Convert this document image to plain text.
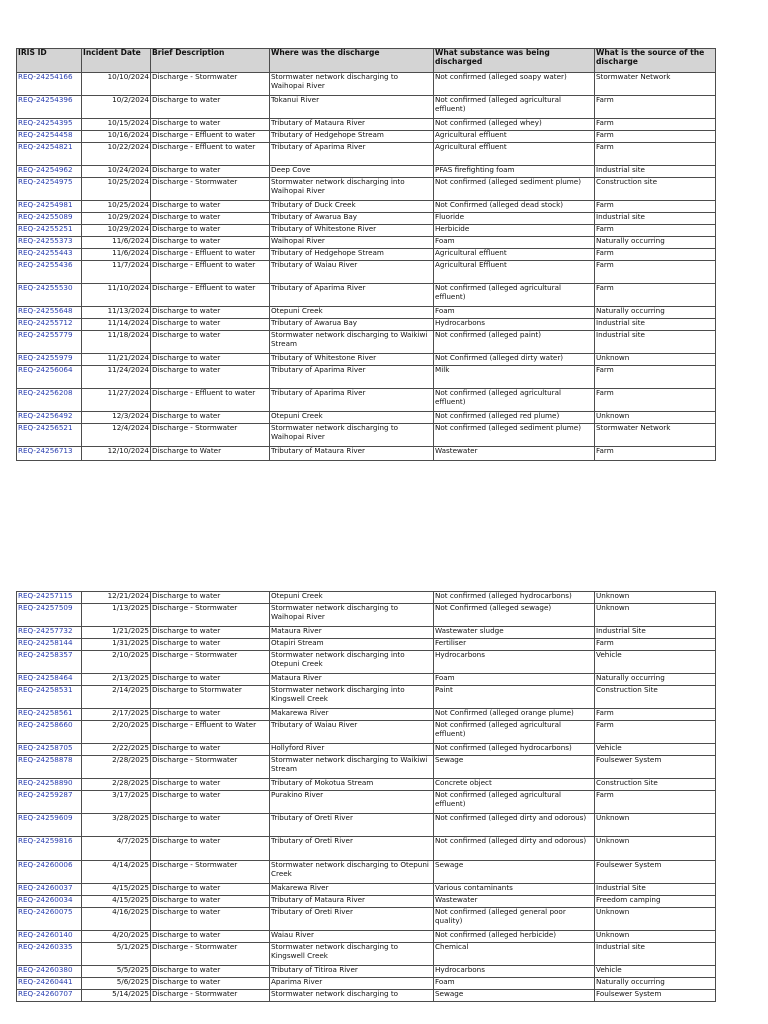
IRIS ID	Incident Date	Brief Description	Where was the discharge	What substance was being discharged	What is the source of the discharge
REQ-24254166	10/10/2024	Discharge - Stormwater	Stormwater network discharging to Waihopai River	Not confirmed (alleged soapy water)	Stormwater Network
REQ-24254396	10/2/2024	Discharge to water	Tokanui River	Not confirmed (alleged agricultural effluent)	Farm
REQ-24254395	10/15/2024	Discharge to water	Tributary of Mataura River	Not confirmed (alleged whey)	Farm
REQ-24254458	10/16/2024	Discharge - Effluent to water	Tributary of Hedgehope Stream	Agricultural effluent	Farm
REQ-24254821	10/22/2024	Discharge - Effluent to water	Tributary of Aparima River	Agricultural effluent	Farm
REQ-24254962	10/24/2024	Discharge to water	Deep Cove	PFAS firefighting foam	Industrial site
REQ-24254975	10/25/2024	Discharge - Stormwater	Stormwater network discharging into Waihopai River	Not confirmed (alleged sediment plume)	Construction site
REQ-24254981	10/25/2024	Discharge to water	Tributary of Duck Creek	Not Confirmed (alleged dead stock)	Farm
REQ-24255089	10/29/2024	Discharge to water	Tributary of Awarua Bay	Fluoride	Industrial site
REQ-24255251	10/29/2024	Discharge to water	Tributary of Whitestone River	Herbicide	Farm
REQ-24255373	11/6/2024	Discharge to water	Waihopai River	Foam	Naturally occurring
REQ-24255443	11/6/2024	Discharge - Effluent to water	Tributary of Hedgehope Stream	Agricultural effluent	Farm
REQ-24255436	11/7/2024	Discharge - Effluent to water	Tributary of Waiau River	Agricultural Effluent	Farm
REQ-24255530	11/10/2024	Discharge - Effluent to water	Tributary of Aparima River	Not confirmed (alleged agricultural effluent)	Farm
REQ-24255648	11/13/2024	Discharge to water	Otepuni Creek	Foam	Naturally occurring
REQ-24255712	11/14/2024	Discharge to water	Tributary of Awarua Bay	Hydrocarbons	Industrial site
REQ-24255779	11/18/2024	Discharge to water	Stormwater network discharging to Waikiwi Stream	Not confirmed (alleged paint)	Industrial site
REQ-24255979	11/21/2024	Discharge to water	Tributary of Whitestone River	Not Confirmed (alleged dirty water)	Unknown
REQ-24256064	11/24/2024	Discharge to water	Tributary of Aparima River	Milk	Farm
REQ-24256208	11/27/2024	Discharge - Effluent to water	Tributary of Aparima River	Not confirmed (alleged agricultural effluent)	Farm
REQ-24256492	12/3/2024	Discharge to water	Otepuni Creek	Not confirmed (alleged red plume)	Unknown
REQ-24256521	12/4/2024	Discharge - Stormwater	Stormwater network discharging to Waihopai River	Not confirmed (alleged sediment plume)	Stormwater Network
REQ-24256713	12/10/2024	Discharge to Water	Tributary of Mataura River	Wastewater	Farm
REQ-24257115	12/21/2024	Discharge to water	Otepuni Creek	Not confirmed (alleged hydrocarbons)	Unknown
REQ-24257509	1/13/2025	Discharge - Stormwater	Stormwater network discharging to Waihopai River	Not Confirmed (alleged sewage)	Unknown
REQ-24257732	1/21/2025	Discharge to water	Mataura River	Wastewater sludge	Industrial Site
REQ-24258144	1/31/2025	Discharge to water	Otapiri Stream	Fertiliser	Farm
REQ-24258357	2/10/2025	Discharge - Stormwater	Stormwater network discharging into Otepuni Creek	Hydrocarbons	Vehicle
REQ-24258464	2/13/2025	Discharge to water	Mataura River	Foam	Naturally occurring
REQ-24258531	2/14/2025	Discharge to Stormwater	Stormwater network discharging into Kingswell Creek	Paint	Construction Site
REQ-24258561	2/17/2025	Discharge to water	Makarewa River	Not Confirmed (alleged orange plume)	Farm
REQ-24258660	2/20/2025	Discharge - Effluent to Water	Tributary of Waiau River	Not confirmed (alleged agricultural effluent)	Farm
REQ-24258705	2/22/2025	Discharge to water	Hollyford River	Not confirmed (alleged hydrocarbons)	Vehicle
REQ-24258878	2/28/2025	Discharge - Stormwater	Stormwater network discharging to Waikiwi Stream	Sewage	Foulsewer System
REQ-24258890	2/28/2025	Discharge to water	Tributary of Mokotua Stream	Concrete object	Construction Site
REQ-24259287	3/17/2025	Discharge to water	Purakino River	Not confirmed (alleged agricultural effluent)	Farm
REQ-24259609	3/28/2025	Discharge to water	Tributary of Oreti River	Not confirmed (alleged dirty and odorous)	Unknown
REQ-24259816	4/7/2025	Discharge to water	Tributary of Oreti River	Not confirmed (alleged dirty and odorous)	Unknown
REQ-24260006	4/14/2025	Discharge - Stormwater	Stormwater network discharging to Otepuni Creek	Sewage	Foulsewer System
REQ-24260037	4/15/2025	Discharge to water	Makarewa River	Various contaminants	Industrial Site
REQ-24260034	4/15/2025	Discharge to water	Tributary of Mataura River	Wastewater	Freedom camping
REQ-24260075	4/16/2025	Discharge to water	Tributary of Oreti River	Not confirmed (alleged general poor quality)	Unknown
REQ-24260140	4/20/2025	Discharge to water	Waiau River	Not confirmed (alleged herbicide)	Unknown
REQ-24260335	5/1/2025	Discharge - Stormwater	Stormwater network discharging to Kingswell Creek	Chemical	Industrial site
REQ-24260380	5/5/2025	Discharge to water	Tributary of Titiroa River	Hydrocarbons	Vehicle
REQ-24260441	5/6/2025	Discharge to water	Aparima River	Foam	Naturally occurring
REQ-24260707	5/14/2025	Discharge - Stormwater	Stormwater network discharging to	Sewage	Foulsewer System
